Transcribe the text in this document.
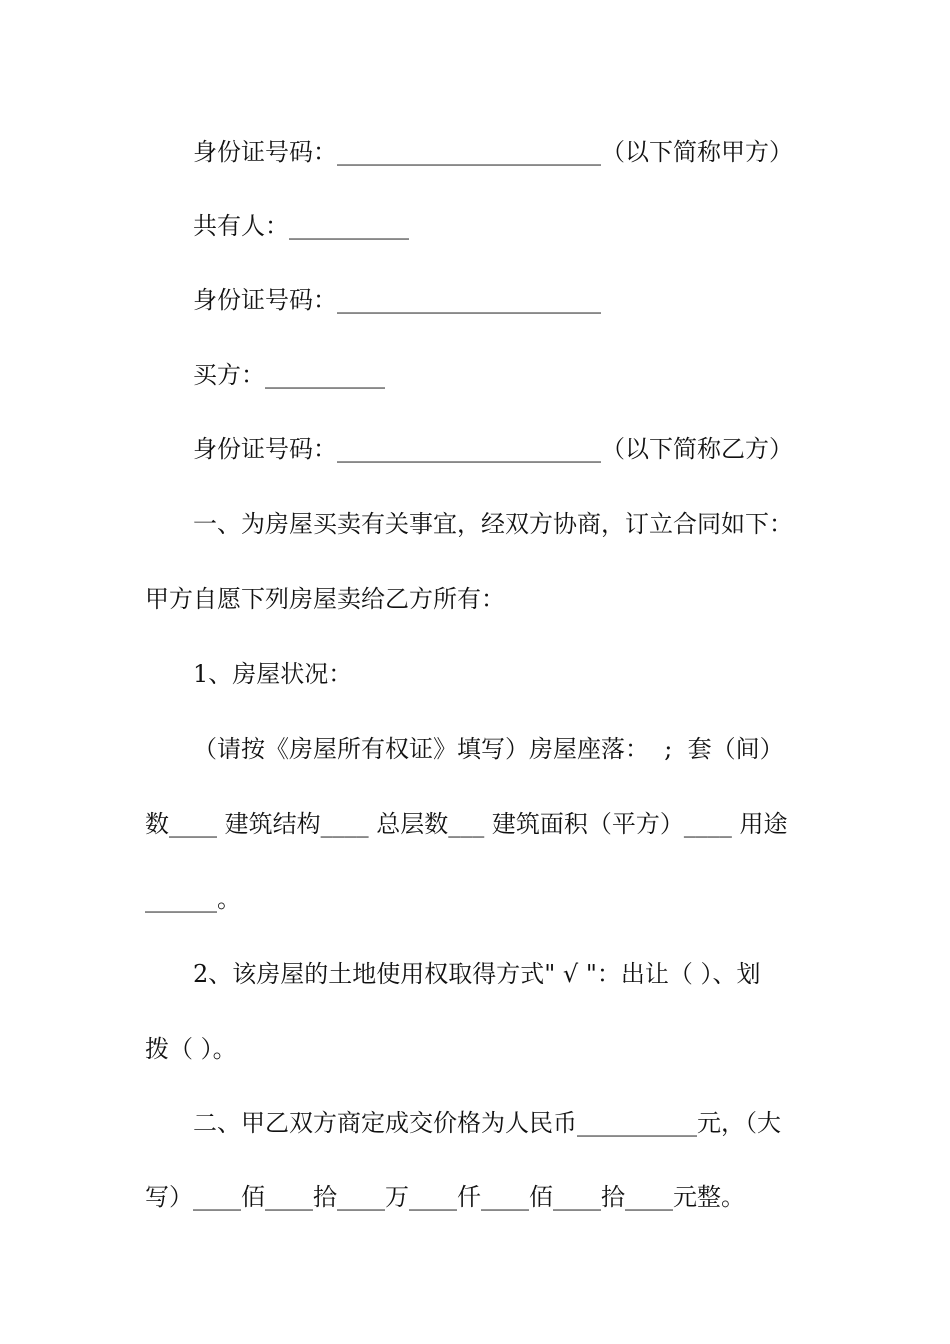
身份证号码：______________________（以下简称甲方）
共有人：__________
身份证号码：______________________
买方：__________
身份证号码：______________________（以下简称乙方）
一、为房屋买卖有关事宜，经双方协商，订立合同如下：
甲方自愿下列房屋卖给乙方所有：
1、房屋状况：
（请按《房屋所有权证》填写）房屋座落：  ;  套（间）
数____ 建筑结构____ 总层数___ 建筑面积（平方）____ 用途
______。
2、该房屋的土地使用权取得方式" √ "：出让（ ）、划
拨（ ）。
二、甲乙双方商定成交价格为人民币__________元，（大
写）____佰____拾____万____仟____佰____拾____元整。
